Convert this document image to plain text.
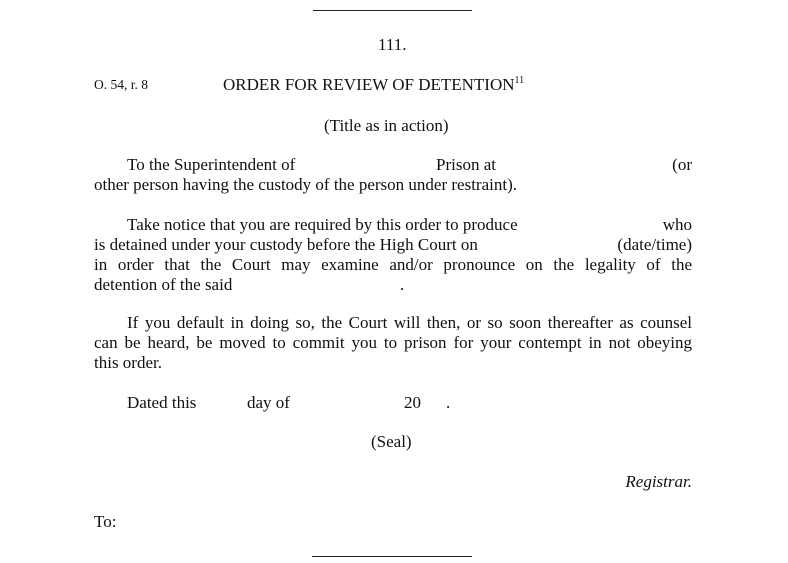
111.
O. 54, r. 8	ORDER FOR REVIEW OF DETENTION$^{11}$
(Title as in action)
To the Superintendent of	Prison at	(or
other person having the custody of the person under restraint).
Take notice that you are required by this order to produce	who
is detained under your custody before the High Court on	(date/time)
in order that the Court may examine and/or pronounce on the legality of the
detention of the said	.
If you default in doing so, the Court will then, or so soon thereafter as counsel
can be heard, be moved to commit you to prison for your contempt in not obeying
this order.
Dated this	day of	20 .
(Seal)
Registrar.
To:
